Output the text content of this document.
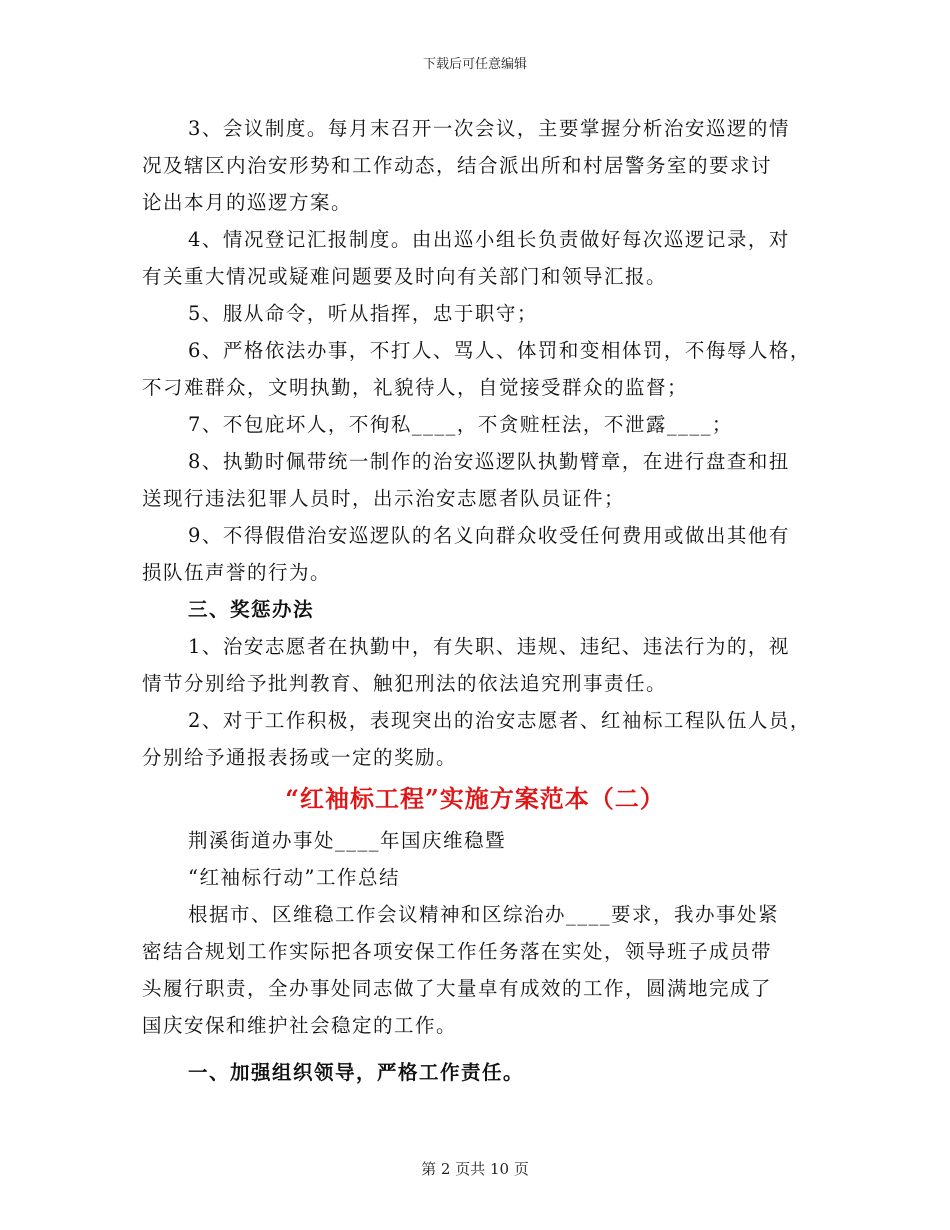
下载后可任意编辑

3、会议制度。每月末召开一次会议，主要掌握分析治安巡逻的情

况及辖区内治安形势和工作动态，结合派出所和村居警务室的要求讨

论出本月的巡逻方案。

4、情况登记汇报制度。由出巡小组长负责做好每次巡逻记录，对

有关重大情况或疑难问题要及时向有关部门和领导汇报。

5、服从命令，听从指挥，忠于职守；

6、严格依法办事，不打人、骂人、体罚和变相体罚，不侮辱人格，

不刁难群众，文明执勤，礼貌待人，自觉接受群众的监督；

7、不包庇坏人，不徇私____，不贪赃枉法，不泄露____；

8、执勤时佩带统一制作的治安巡逻队执勤臂章，在进行盘查和扭

送现行违法犯罪人员时，出示治安志愿者队员证件；

9、不得假借治安巡逻队的名义向群众收受任何费用或做出其他有

损队伍声誉的行为。

三、奖惩办法

1、治安志愿者在执勤中，有失职、违规、违纪、违法行为的，视

情节分别给予批判教育、触犯刑法的依法追究刑事责任。

2、对于工作积极，表现突出的治安志愿者、红袖标工程队伍人员，

分别给予通报表扬或一定的奖励。

“红袖标工程”实施方案范本（二）

荆溪街道办事处____年国庆维稳暨

“红袖标行动”工作总结

根据市、区维稳工作会议精神和区综治办____要求，我办事处紧

密结合规划工作实际把各项安保工作任务落在实处，领导班子成员带

头履行职责，全办事处同志做了大量卓有成效的工作，圆满地完成了

国庆安保和维护社会稳定的工作。

一、加强组织领导，严格工作责任。

第 2 页共 10 页
